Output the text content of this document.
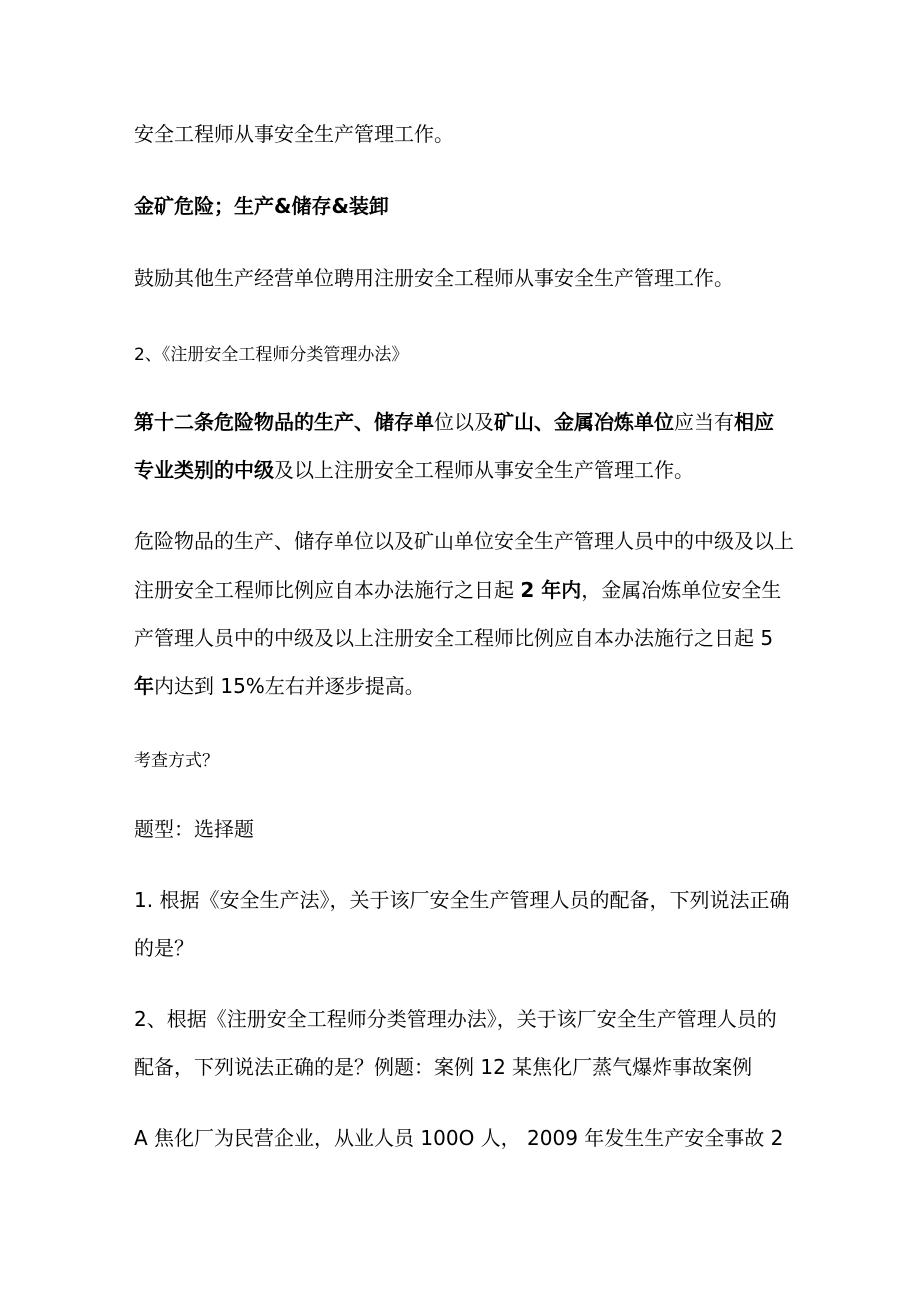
安全工程师从事安全生产管理工作。
金矿危险；生产&储存&装卸
鼓励其他生产经营单位聘用注册安全工程师从事安全生产管理工作。
2、《注册安全工程师分类管理办法》
第十二条危险物品的生产、储存单位以及矿山、金属冶炼单位应当有相应
专业类别的中级及以上注册安全工程师从事安全生产管理工作。
危险物品的生产、储存单位以及矿山单位安全生产管理人员中的中级及以上
注册安全工程师比例应自本办法施行之日起 2 年内，金属冶炼单位安全生
产管理人员中的中级及以上注册安全工程师比例应自本办法施行之日起 5
年内达到 15%左右并逐步提高。
考查方式？
题型：选择题
1. 根据《安全生产法》，关于该厂安全生产管理人员的配备，下列说法正确
的是？
2、根据《注册安全工程师分类管理办法》，关于该厂安全生产管理人员的
配备，下列说法正确的是？例题：案例 12 某焦化厂蒸气爆炸事故案例
A 焦化厂为民营企业，从业人员 100O 人， 2009 年发生生产安全事故 2
